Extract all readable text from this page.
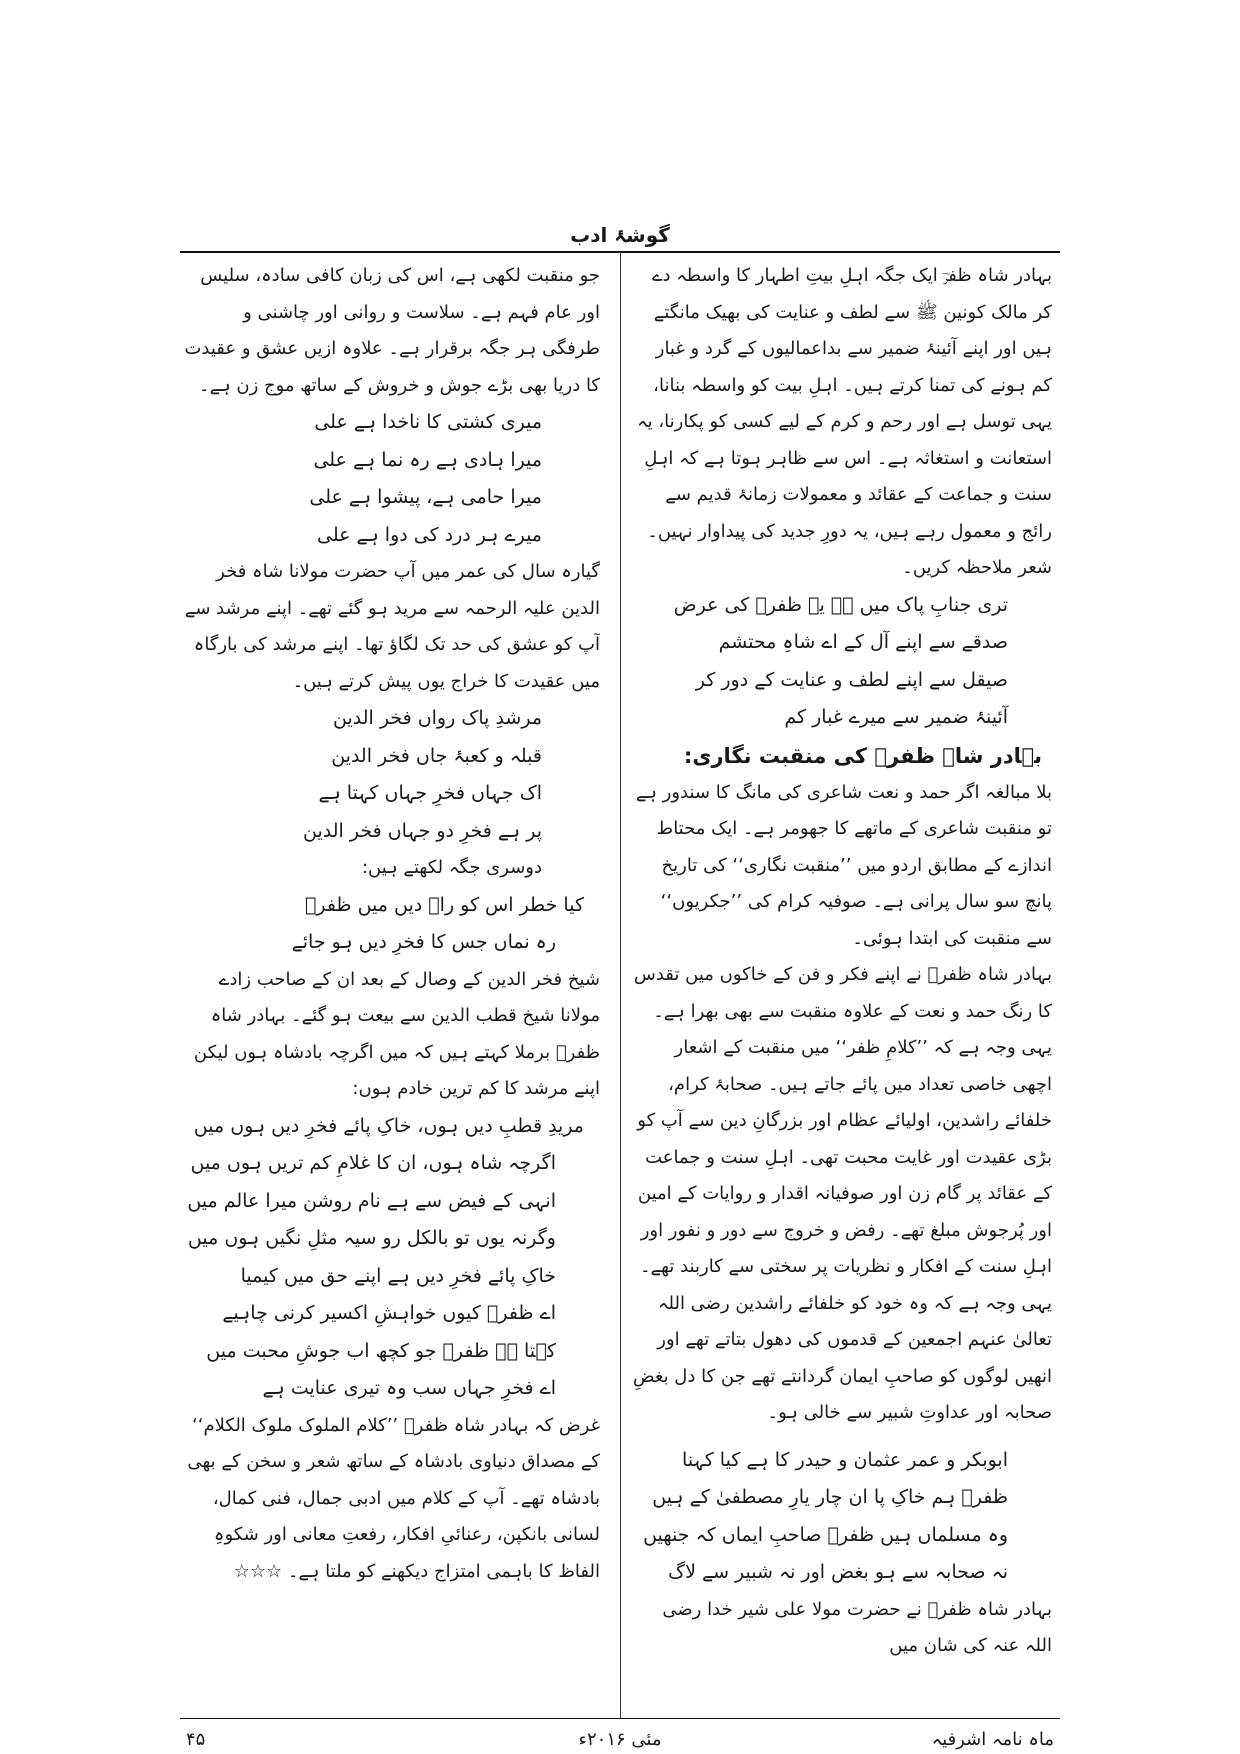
گوشۂ ادب

بہادر شاہ ظفرؔ ایک جگہ اہلِ بیتِ اطہار کا واسطہ دے کر مالک کونین ﷺ سے لطف و عنایت کی بھیک مانگتے ہیں اور اپنے آئینۂ ضمیر سے بداعمالیوں کے گرد و غبار کم ہونے کی تمنا کرتے ہیں۔ اہلِ بیت کو واسطہ بنانا، یہی توسل ہے اور رحم و کرم کے لیے کسی کو پکارنا، یہ استعانت و استغاثہ ہے۔ اس سے ظاہر ہوتا ہے کہ اہلِ سنت و جماعت کے عقائد و معمولات زمانۂ قدیم سے رائج و معمول رہے ہیں، یہ دورِ جدید کی پیداوار نہیں۔ شعر ملاحظہ کریں۔

تری جنابِ پاک میں ہے یہ ظفرؔ کی عرض
صدقے سے اپنے آل کے اے شاہِ محتشم
صیقل سے اپنے لطف و عنایت کے دور کر
آئینۂ ضمیر سے میرے غبار کم
بہادر شاہ ظفرؔ کی منقبت نگاری:

بلا مبالغہ اگر حمد و نعت شاعری کی مانگ کا سندور ہے تو منقبت شاعری کے ماتھے کا جھومر ہے۔ ایک محتاط اندازے کے مطابق اردو میں ’’منقبت نگاری‘‘ کی تاریخ پانچ سو سال پرانی ہے۔ صوفیہ کرام کی ’’جکریوں‘‘ سے منقبت کی ابتدا ہوئی۔

بہادر شاہ ظفرؔ نے اپنے فکر و فن کے خاکوں میں تقدس کا رنگ حمد و نعت کے علاوہ منقبت سے بھی بھرا ہے۔ یہی وجہ ہے کہ ’’کلامِ ظفر‘‘ میں منقبت کے اشعار اچھی خاصی تعداد میں پائے جاتے ہیں۔ صحابۂ کرام، خلفائے راشدین، اولیائے عظام اور بزرگانِ دین سے آپ کو بڑی عقیدت اور غایت محبت تھی۔ اہلِ سنت و جماعت کے عقائد پر گام زن اور صوفیانہ اقدار و روایات کے امین اور پُرجوش مبلغ تھے۔ رفض و خروج سے دور و نفور اور اہلِ سنت کے افکار و نظریات پر سختی سے کاربند تھے۔ یہی وجہ ہے کہ وہ خود کو خلفائے راشدین رضی اللہ تعالیٰ عنہم اجمعین کے قدموں کی دھول بتاتے تھے اور انھیں لوگوں کو صاحبِ ایمان گردانتے تھے جن کا دل بغضِ صحابہ اور عداوتِ شبیر سے خالی ہو۔

ابوبکر و عمر عثمان و حیدر کا ہے کیا کہنا
ظفرؔ ہم خاکِ پا ان چار یارِ مصطفیٰ کے ہیں
وہ مسلماں ہیں ظفرؔ صاحبِ ایماں کہ جنھیں
نہ صحابہ سے ہو بغض اور نہ شبیر سے لاگ

بہادر شاہ ظفرؔ نے حضرت مولا علی شیر خدا رضی اللہ عنہ کی شان میں

جو منقبت لکھی ہے، اس کی زبان کافی سادہ، سلیس اور عام فہم ہے۔ سلاست و روانی اور چاشنی و طرفگی ہر جگہ برقرار ہے۔ علاوہ ازیں عشق و عقیدت کا دریا بھی بڑے جوش و خروش کے ساتھ موج زن ہے۔

میری کشتی کا ناخدا ہے علی
میرا ہادی ہے رہ نما ہے علی
میرا حامی ہے، پیشوا ہے علی
میرے ہر درد کی دوا ہے علی

گیارہ سال کی عمر میں آپ حضرت مولانا شاہ فخر الدین علیہ الرحمہ سے مرید ہو گئے تھے۔ اپنے مرشد سے آپ کو عشق کی حد تک لگاؤ تھا۔ اپنے مرشد کی بارگاہ میں عقیدت کا خراج یوں پیش کرتے ہیں۔

مرشدِ پاک رواں فخر الدین
قبلہ و کعبۂ جاں فخر الدین
اک جہاں فخرِ جہاں کہتا ہے
پر ہے فخرِ دو جہاں فخر الدین

دوسری جگہ لکھتے ہیں:

کیا خطر اس کو راہ دیں میں ظفرؔ
رہ نماں جس کا فخرِ دیں ہو جائے

شیخ فخر الدین کے وصال کے بعد ان کے صاحب زادے مولانا شیخ قطب الدین سے بیعت ہو گئے۔ بہادر شاہ ظفرؔ برملا کہتے ہیں کہ میں اگرچہ بادشاہ ہوں لیکن اپنے مرشد کا کم ترین خادم ہوں:

مریدِ قطبِ دیں ہوں، خاکِ پائے فخرِ دیں ہوں میں
اگرچہ شاہ ہوں، ان کا غلامِ کم تریں ہوں میں
انہی کے فیض سے ہے نام روشن میرا عالم میں
وگرنہ یوں تو بالکل رو سیہ مثلِ نگیں ہوں میں
خاکِ پائے فخرِ دیں ہے اپنے حق میں کیمیا
اے ظفرؔ کیوں خواہشِ اکسیر کرنی چاہیے
کہتا ہے ظفرؔ جو کچھ اب جوشِ محبت میں
اے فخرِ جہاں سب وہ تیری عنایت ہے

غرض کہ بہادر شاہ ظفرؔ ’’کلام الملوک ملوک الکلام‘‘ کے مصداق دنیاوی بادشاہ کے ساتھ شعر و سخن کے بھی بادشاہ تھے۔ آپ کے کلام میں ادبی جمال، فنی کمال، لسانی بانکپن، رعنائیِ افکار، رفعتِ معانی اور شکوہِ الفاظ کا باہمی امتزاج دیکھنے کو ملتا ہے۔ ☆☆☆

ماہ نامہ اشرفیہ
مئی ۲۰۱۶ء
۴۵
